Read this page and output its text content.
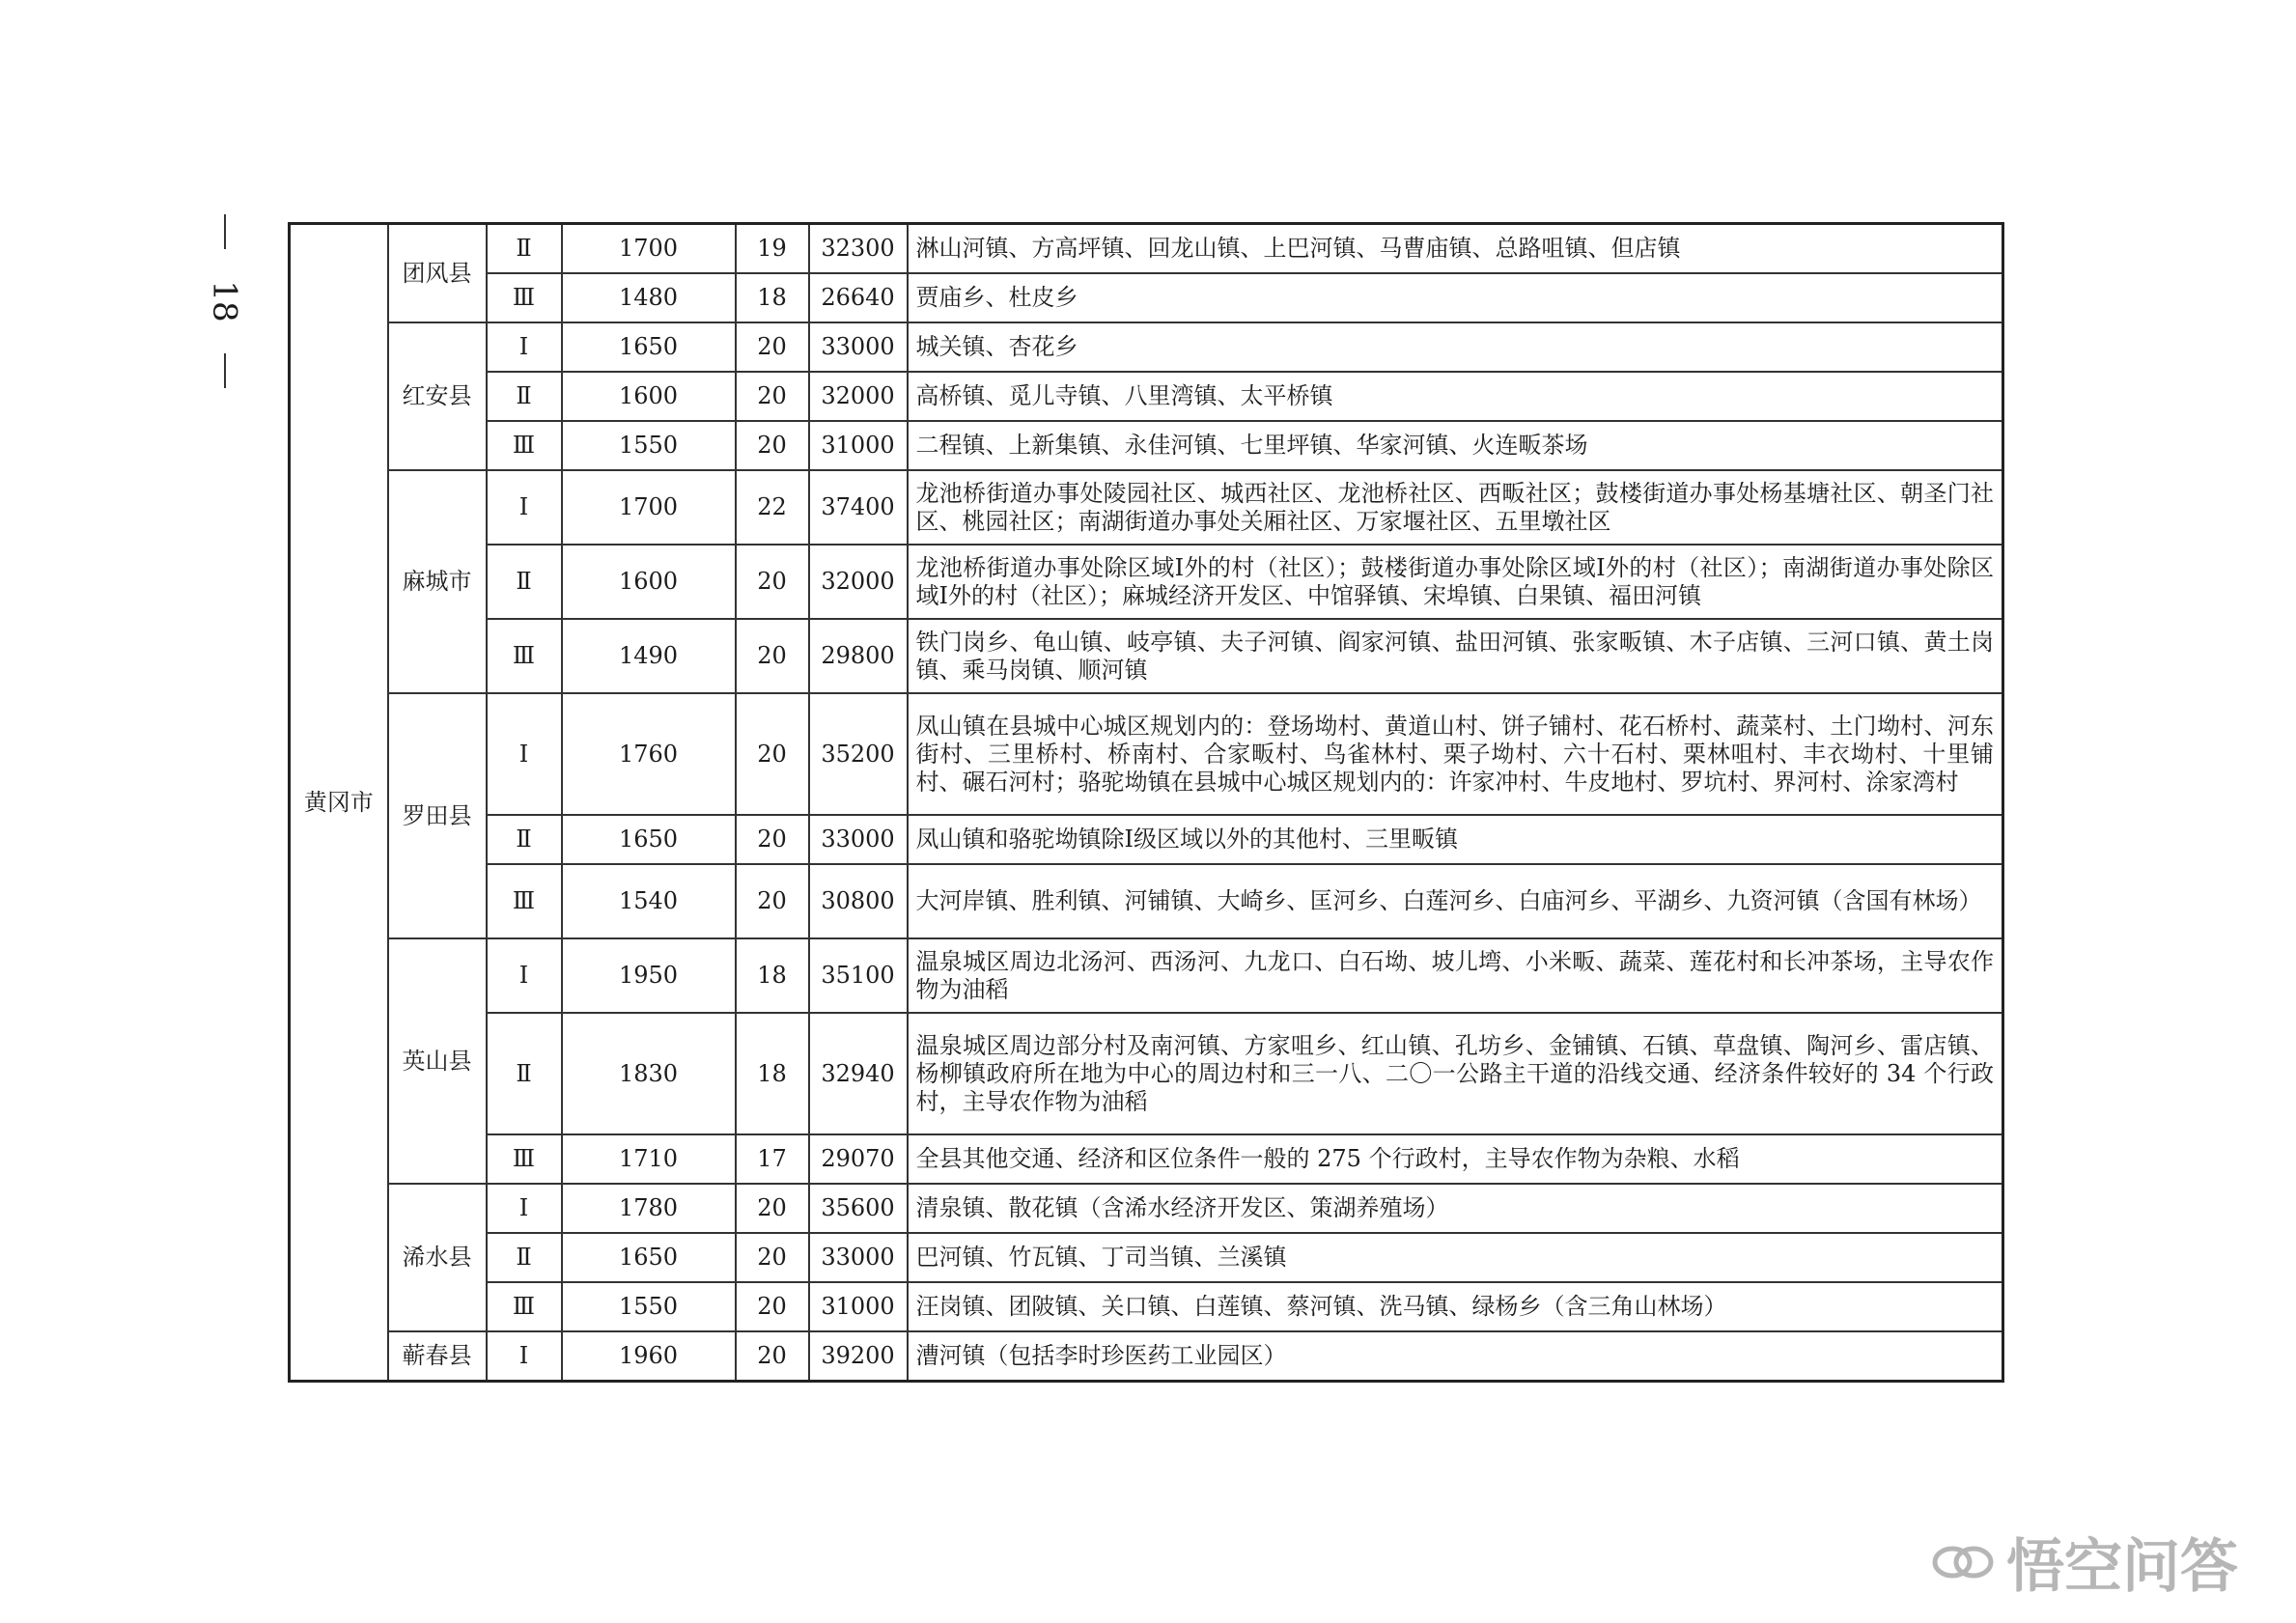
18
黄冈市	团风县	Ⅱ	1700	19	32300	淋山河镇、方高坪镇、回龙山镇、上巴河镇、马曹庙镇、总路咀镇、但店镇
		Ⅲ	1480	18	26640	贾庙乡、杜皮乡
	红安县	Ⅰ	1650	20	33000	城关镇、杏花乡
		Ⅱ	1600	20	32000	高桥镇、觅儿寺镇、八里湾镇、太平桥镇
		Ⅲ	1550	20	31000	二程镇、上新集镇、永佳河镇、七里坪镇、华家河镇、火连畈茶场
	麻城市	Ⅰ	1700	22	37400	龙池桥街道办事处陵园社区、城西社区、龙池桥社区、西畈社区；鼓楼街道办事处杨基塘社区、朝圣门社区、桃园社区；南湖街道办事处关厢社区、万家堰社区、五里墩社区
		Ⅱ	1600	20	32000	龙池桥街道办事处除区域Ⅰ外的村（社区）；鼓楼街道办事处除区域Ⅰ外的村（社区）；南湖街道办事处除区域Ⅰ外的村（社区）；麻城经济开发区、中馆驿镇、宋埠镇、白果镇、福田河镇
		Ⅲ	1490	20	29800	铁门岗乡、龟山镇、岐亭镇、夫子河镇、阎家河镇、盐田河镇、张家畈镇、木子店镇、三河口镇、黄土岗镇、乘马岗镇、顺河镇
	罗田县	Ⅰ	1760	20	35200	凤山镇在县城中心城区规划内的：登场坳村、黄道山村、饼子铺村、花石桥村、蔬菜村、土门坳村、河东街村、三里桥村、桥南村、合家畈村、鸟雀林村、栗子坳村、六十石村、栗林咀村、丰衣坳村、十里铺村、碾石河村；骆驼坳镇在县城中心城区规划内的：许家冲村、牛皮地村、罗坑村、界河村、涂家湾村
		Ⅱ	1650	20	33000	凤山镇和骆驼坳镇除Ⅰ级区域以外的其他村、三里畈镇
		Ⅲ	1540	20	30800	大河岸镇、胜利镇、河铺镇、大崎乡、匡河乡、白莲河乡、白庙河乡、平湖乡、九资河镇（含国有林场）
	英山县	Ⅰ	1950	18	35100	温泉城区周边北汤河、西汤河、九龙口、白石坳、坡儿塆、小米畈、蔬菜、莲花村和长冲茶场，主导农作物为油稻
		Ⅱ	1830	18	32940	温泉城区周边部分村及南河镇、方家咀乡、红山镇、孔坊乡、金铺镇、石镇、草盘镇、陶河乡、雷店镇、杨柳镇政府所在地为中心的周边村和三一八、二〇一公路主干道的沿线交通、经济条件较好的 34 个行政村，主导农作物为油稻
		Ⅲ	1710	17	29070	全县其他交通、经济和区位条件一般的 275 个行政村，主导农作物为杂粮、水稻
	浠水县	Ⅰ	1780	20	35600	清泉镇、散花镇（含浠水经济开发区、策湖养殖场）
		Ⅱ	1650	20	33000	巴河镇、竹瓦镇、丁司当镇、兰溪镇
		Ⅲ	1550	20	31000	汪岗镇、团陂镇、关口镇、白莲镇、蔡河镇、洗马镇、绿杨乡（含三角山林场）
	蕲春县	Ⅰ	1960	20	39200	漕河镇（包括李时珍医药工业园区）
悟空问答
